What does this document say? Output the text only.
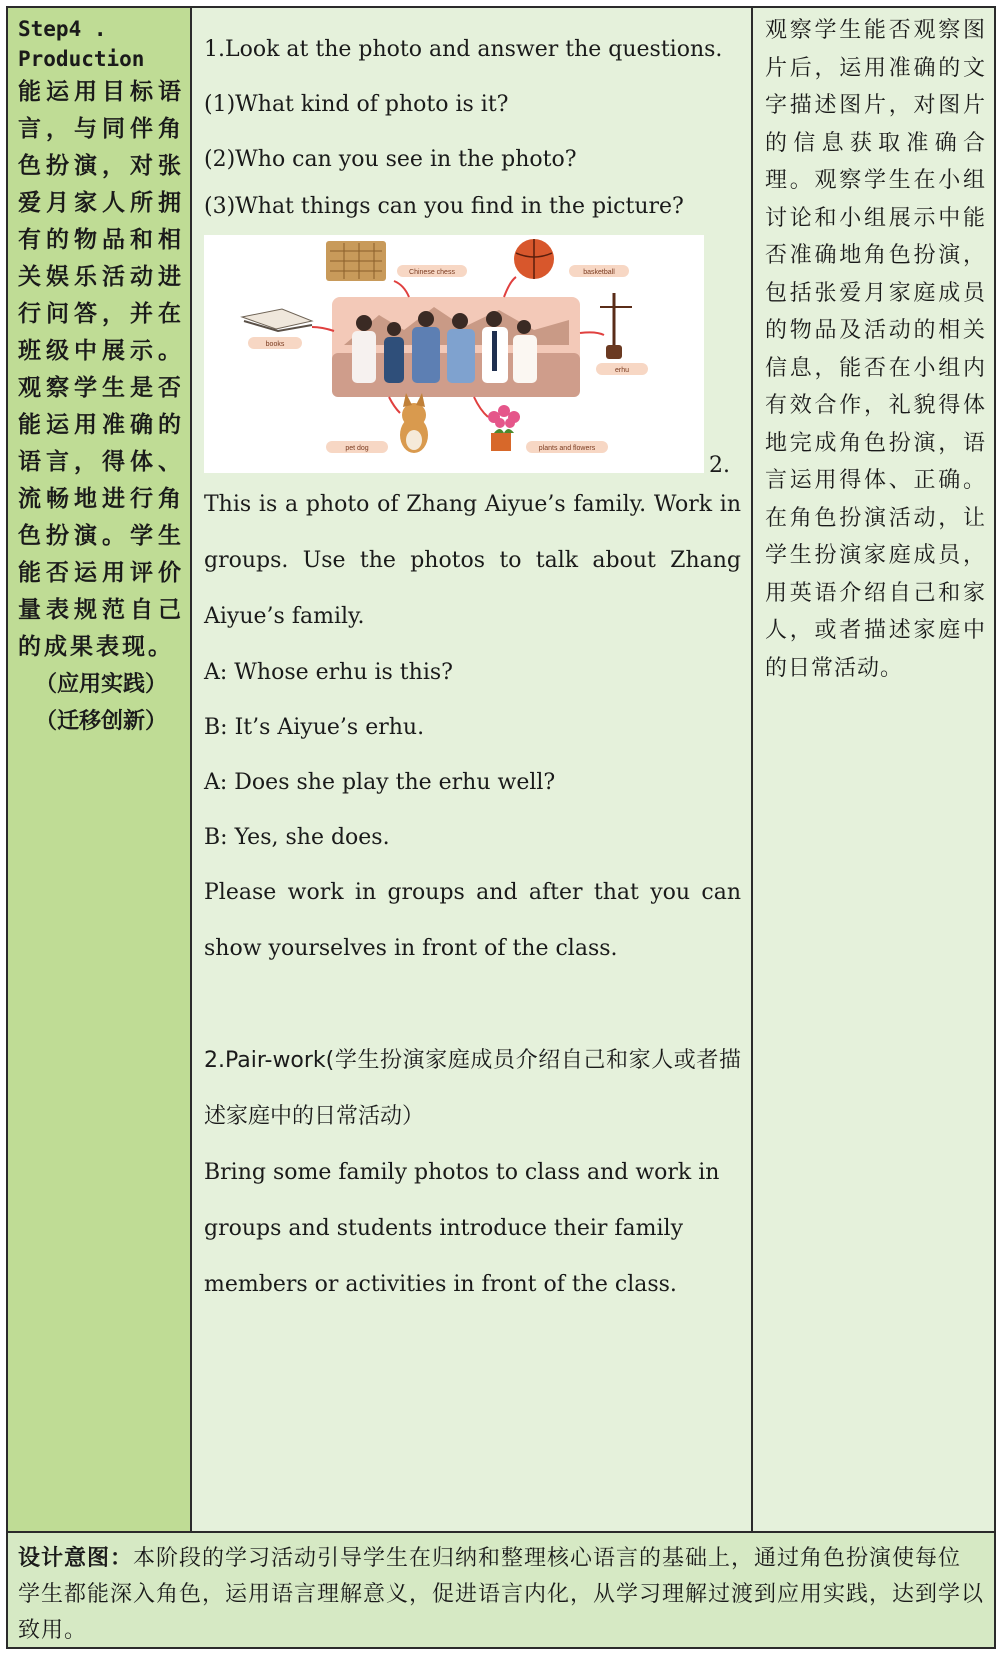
Step4 . Production
能运用目标语言，与同伴角色扮演，对张爱月家人所拥有的物品和相关娱乐活动进行问答，并在班级中展示。观察学生是否能运用准确的语言，得体、流畅地进行角色扮演。学生能否运用评价量表规范自己的成果表现。
（应用实践）
（迁移创新）
1.Look at the photo and answer the questions.
(1)What kind of photo is it?
(2)Who can you see in the photo?
(3)What things can you find in the picture?
Chinese chess	basketball
books
erhu
pet dog	plants and flowers
2.
This is a photo of Zhang Aiyue’s family. Work in groups. Use the photos to talk about Zhang Aiyue’s family.
A: Whose erhu is this?
B: It’s Aiyue’s erhu.
A: Does she play the erhu well?
B: Yes, she does.
Please work in groups and after that you can show yourselves in front of the class.
2.Pair-work(学生扮演家庭成员介绍自己和家人或者描述家庭中的日常活动）
Bring some family photos to class and work in groups and students introduce their family members or activities in front of the class.
观察学生能否观察图片后，运用准确的文字描述图片，对图片的信息获取准确合理。观察学生在小组讨论和小组展示中能否准确地角色扮演，包括张爱月家庭成员的物品及活动的相关信息，能否在小组内有效合作，礼貌得体地完成角色扮演，语言运用得体、正确。在角色扮演活动，让学生扮演家庭成员，用英语介绍自己和家人，或者描述家庭中的日常活动。
设计意图：本阶段的学习活动引导学生在归纳和整理核心语言的基础上，通过角色扮演使每位学生都能深入角色，运用语言理解意义，促进语言内化，从学习理解过渡到应用实践，达到学以致用。
